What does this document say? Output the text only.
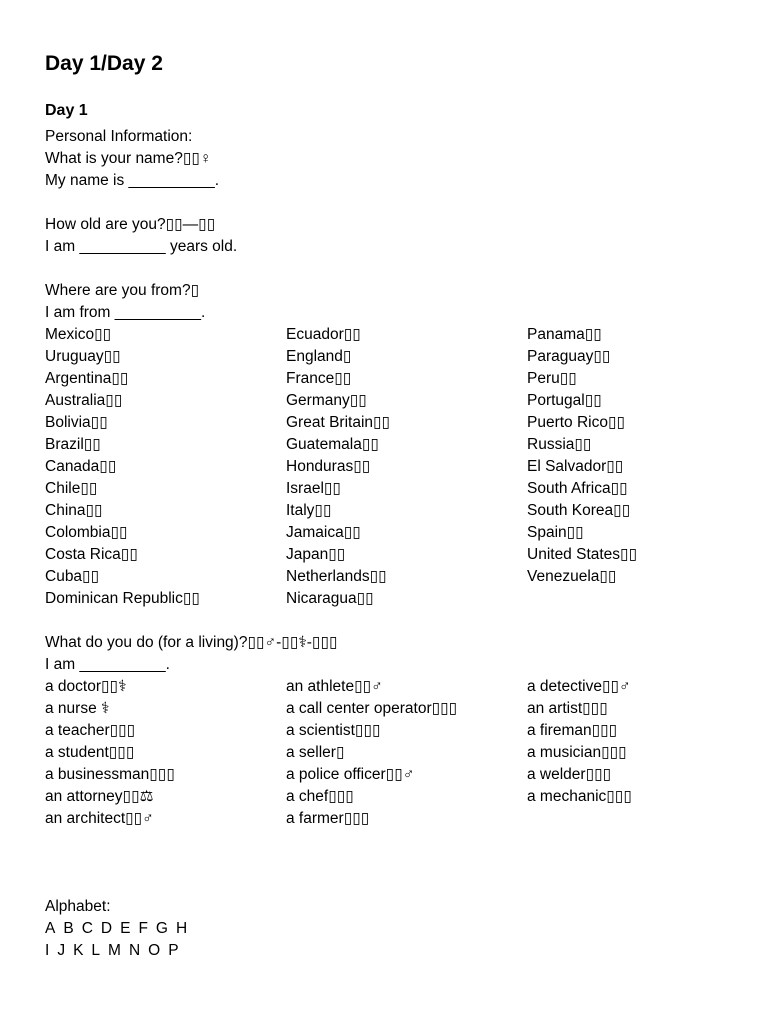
Day 1/Day 2
Day 1
Personal Information:
What is your name?▯▯♀
My name is __________.
How old are you?▯▯—▯▯
I am __________ years old.
Where are you from?▯
I am from __________.
Mexico▯▯	Ecuador▯▯	Panama▯▯
Uruguay▯▯	England▯	Paraguay▯▯
Argentina▯▯	France▯▯	Peru▯▯
Australia▯▯	Germany▯▯	Portugal▯▯
Bolivia▯▯	Great Britain▯▯	Puerto Rico▯▯
Brazil▯▯	Guatemala▯▯	Russia▯▯
Canada▯▯	Honduras▯▯	El Salvador▯▯
Chile▯▯	Israel▯▯	South Africa▯▯
China▯▯	Italy▯▯	South Korea▯▯
Colombia▯▯	Jamaica▯▯	Spain▯▯
Costa Rica▯▯	Japan▯▯	United States▯▯
Cuba▯▯	Netherlands▯▯	Venezuela▯▯
Dominican Republic▯▯	Nicaragua▯▯
What do you do (for a living)?▯▯♂-▯▯⚕-▯▯▯
I am __________.
a doctor▯▯⚕	an athlete▯▯♂	a detective▯▯♂
a nurse ⚕	a call center operator▯▯▯	an artist▯▯▯
a teacher▯▯▯	a scientist▯▯▯	a fireman▯▯▯
a student▯▯▯	a seller▯	a musician▯▯▯
a businessman▯▯▯	a police officer▯▯♂	a welder▯▯▯
an attorney▯▯⚖	a chef▯▯▯	a mechanic▯▯▯
an architect▯▯♂	a farmer▯▯▯
Alphabet:
A B C D E F G H
I J K L M N O P
